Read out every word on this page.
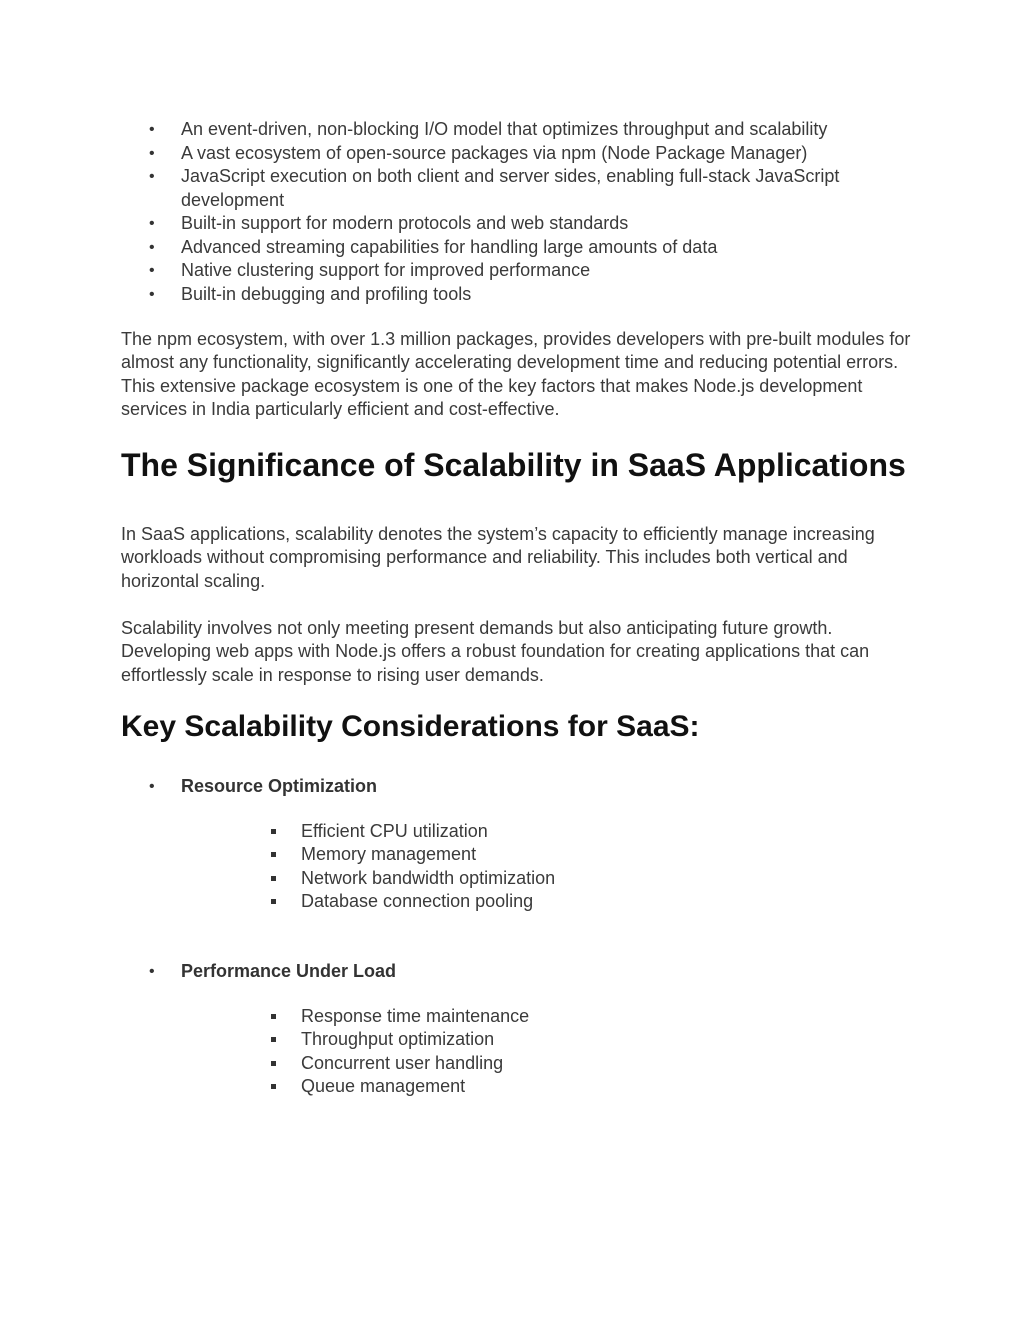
• An event-driven, non-blocking I/O model that optimizes throughput and scalability
• A vast ecosystem of open-source packages via npm (Node Package Manager)
• JavaScript execution on both client and server sides, enabling full-stack JavaScript development
• Built-in support for modern protocols and web standards
• Advanced streaming capabilities for handling large amounts of data
• Native clustering support for improved performance
• Built-in debugging and profiling tools

The npm ecosystem, with over 1.3 million packages, provides developers with pre-built modules for almost any functionality, significantly accelerating development time and reducing potential errors. This extensive package ecosystem is one of the key factors that makes Node.js development services in India particularly efficient and cost-effective.

The Significance of Scalability in SaaS Applications

In SaaS applications, scalability denotes the system’s capacity to efficiently manage increasing workloads without compromising performance and reliability. This includes both vertical and horizontal scaling.

Scalability involves not only meeting present demands but also anticipating future growth. Developing web apps with Node.js offers a robust foundation for creating applications that can effortlessly scale in response to rising user demands.

Key Scalability Considerations for SaaS:
• Resource Optimization
Efficient CPU utilization
Memory management
Network bandwidth optimization
Database connection pooling
• Performance Under Load
Response time maintenance
Throughput optimization
Concurrent user handling
Queue management
